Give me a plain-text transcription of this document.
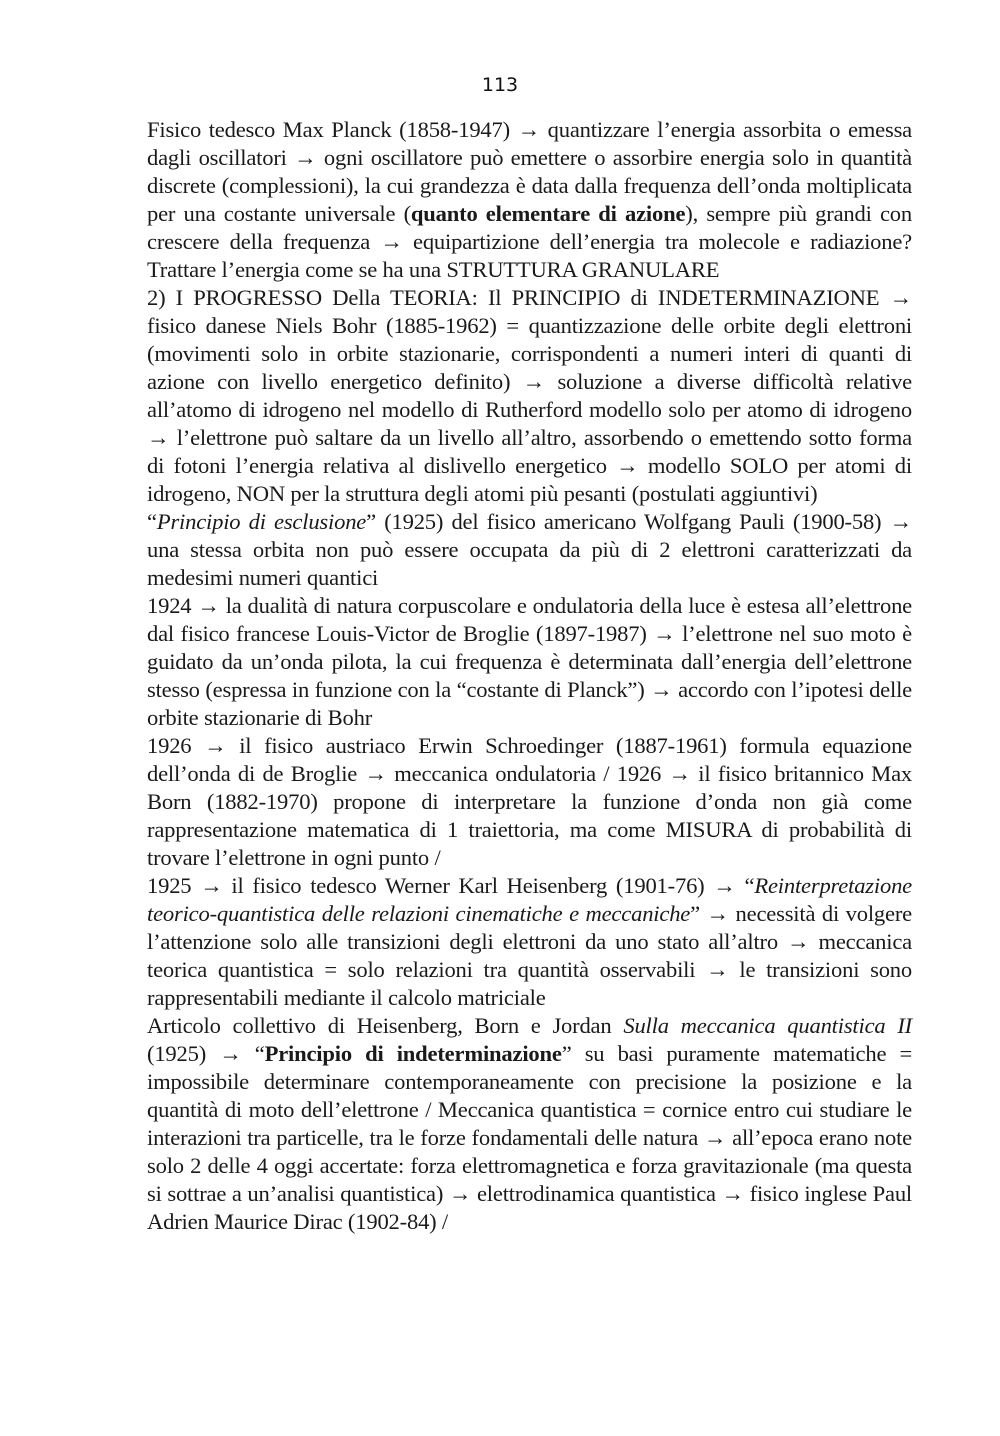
113

Fisico tedesco Max Planck (1858-1947) → quantizzare l’energia assorbita o emessa dagli oscillatori → ogni oscillatore può emettere o assorbire energia solo in quantità discrete (complessioni), la cui grandezza è data dalla frequenza dell’onda moltiplicata per una costante universale (quanto elementare di azione), sempre più grandi con crescere della frequenza → equipartizione dell’energia tra molecole e radiazione? Trattare l’energia come se ha una STRUTTURA GRANULARE

2) I PROGRESSO Della TEORIA: Il PRINCIPIO di INDETERMINAZIONE → fisico danese Niels Bohr (1885-1962) = quantizzazione delle orbite degli elettroni (movimenti solo in orbite stazionarie, corrispondenti a numeri interi di quanti di azione con livello energetico definito) → soluzione a diverse difficoltà relative all’atomo di idrogeno nel modello di Rutherford modello solo per atomo di idrogeno → l’elettrone può saltare da un livello all’altro, assorbendo o emettendo sotto forma di fotoni l’energia relativa al dislivello energetico → modello SOLO per atomi di idrogeno, NON per la struttura degli atomi più pesanti (postulati aggiuntivi)

“Principio di esclusione” (1925) del fisico americano Wolfgang Pauli (1900-58) → una stessa orbita non può essere occupata da più di 2 elettroni caratterizzati da medesimi numeri quantici

1924 → la dualità di natura corpuscolare e ondulatoria della luce è estesa all’elettrone dal fisico francese Louis-Victor de Broglie (1897-1987) → l’elettrone nel suo moto è guidato da un’onda pilota, la cui frequenza è determinata dall’energia dell’elettrone stesso (espressa in funzione con la “costante di Planck”) → accordo con l’ipotesi delle orbite stazionarie di Bohr

1926 → il fisico austriaco Erwin Schroedinger (1887-1961) formula equazione dell’onda di de Broglie → meccanica ondulatoria / 1926 → il fisico britannico Max Born (1882-1970) propone di interpretare la funzione d’onda non già come rappresentazione matematica di 1 traiettoria, ma come MISURA di probabilità di trovare l’elettrone in ogni punto /

1925 → il fisico tedesco Werner Karl Heisenberg (1901-76) → “Reinterpretazione teorico-quantistica delle relazioni cinematiche e meccaniche” → necessità di volgere l’attenzione solo alle transizioni degli elettroni da uno stato all’altro → meccanica teorica quantistica = solo relazioni tra quantità osservabili → le transizioni sono rappresentabili mediante il calcolo matriciale

Articolo collettivo di Heisenberg, Born e Jordan Sulla meccanica quantistica II (1925) → “Principio di indeterminazione” su basi puramente matematiche = impossibile determinare contemporaneamente con precisione la posizione e la quantità di moto dell’elettrone / Meccanica quantistica = cornice entro cui studiare le interazioni tra particelle, tra le forze fondamentali delle natura → all’epoca erano note solo 2 delle 4 oggi accertate: forza elettromagnetica e forza gravitazionale (ma questa si sottrae a un’analisi quantistica) → elettrodinamica quantistica → fisico inglese Paul Adrien Maurice Dirac (1902-84) /
